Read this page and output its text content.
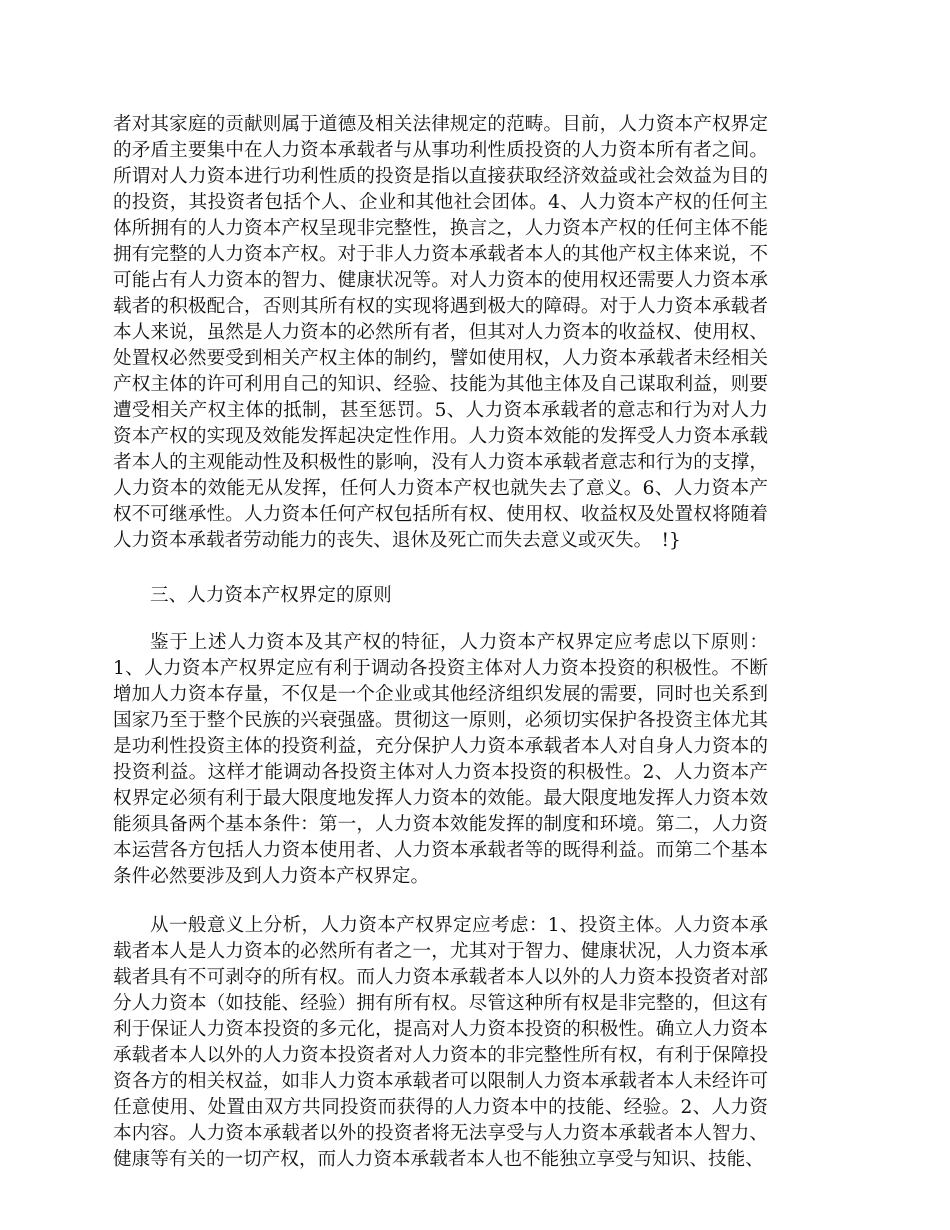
者对其家庭的贡献则属于道德及相关法律规定的范畴。目前，人力资本产权界定的矛盾主要集中在人力资本承载者与从事功利性质投资的人力资本所有者之间。所谓对人力资本进行功利性质的投资是指以直接获取经济效益或社会效益为目的的投资，其投资者包括个人、企业和其他社会团体。4、人力资本产权的任何主体所拥有的人力资本产权呈现非完整性，换言之，人力资本产权的任何主体不能拥有完整的人力资本产权。对于非人力资本承载者本人的其他产权主体来说，不可能占有人力资本的智力、健康状况等。对人力资本的使用权还需要人力资本承载者的积极配合，否则其所有权的实现将遇到极大的障碍。对于人力资本承载者本人来说，虽然是人力资本的必然所有者，但其对人力资本的收益权、使用权、处置权必然要受到相关产权主体的制约，譬如使用权，人力资本承载者未经相关产权主体的许可利用自己的知识、经验、技能为其他主体及自己谋取利益，则要遭受相关产权主体的抵制，甚至惩罚。5、人力资本承载者的意志和行为对人力资本产权的实现及效能发挥起决定性作用。人力资本效能的发挥受人力资本承载者本人的主观能动性及积极性的影响，没有人力资本承载者意志和行为的支撑，人力资本的效能无从发挥，任何人力资本产权也就失去了意义。6、人力资本产权不可继承性。人力资本任何产权包括所有权、使用权、收益权及处置权将随着人力资本承载者劳动能力的丧失、退休及死亡而失去意义或灭失。　!}

三、人力资本产权界定的原则

鉴于上述人力资本及其产权的特征，人力资本产权界定应考虑以下原则：1、人力资本产权界定应有利于调动各投资主体对人力资本投资的积极性。不断增加人力资本存量，不仅是一个企业或其他经济组织发展的需要，同时也关系到国家乃至于整个民族的兴衰强盛。贯彻这一原则，必须切实保护各投资主体尤其是功利性投资主体的投资利益，充分保护人力资本承载者本人对自身人力资本的投资利益。这样才能调动各投资主体对人力资本投资的积极性。2、人力资本产权界定必须有利于最大限度地发挥人力资本的效能。最大限度地发挥人力资本效能须具备两个基本条件：第一，人力资本效能发挥的制度和环境。第二，人力资本运营各方包括人力资本使用者、人力资本承载者等的既得利益。而第二个基本条件必然要涉及到人力资本产权界定。

从一般意义上分析，人力资本产权界定应考虑：1、投资主体。人力资本承载者本人是人力资本的必然所有者之一，尤其对于智力、健康状况，人力资本承载者具有不可剥夺的所有权。而人力资本承载者本人以外的人力资本投资者对部分人力资本（如技能、经验）拥有所有权。尽管这种所有权是非完整的，但这有利于保证人力资本投资的多元化，提高对人力资本投资的积极性。确立人力资本承载者本人以外的人力资本投资者对人力资本的非完整性所有权，有利于保障投资各方的相关权益，如非人力资本承载者可以限制人力资本承载者本人未经许可任意使用、处置由双方共同投资而获得的人力资本中的技能、经验。2、人力资本内容。人力资本承载者以外的投资者将无法享受与人力资本承载者本人智力、健康等有关的一切产权，而人力资本承载者本人也不能独立享受与知识、技能、
